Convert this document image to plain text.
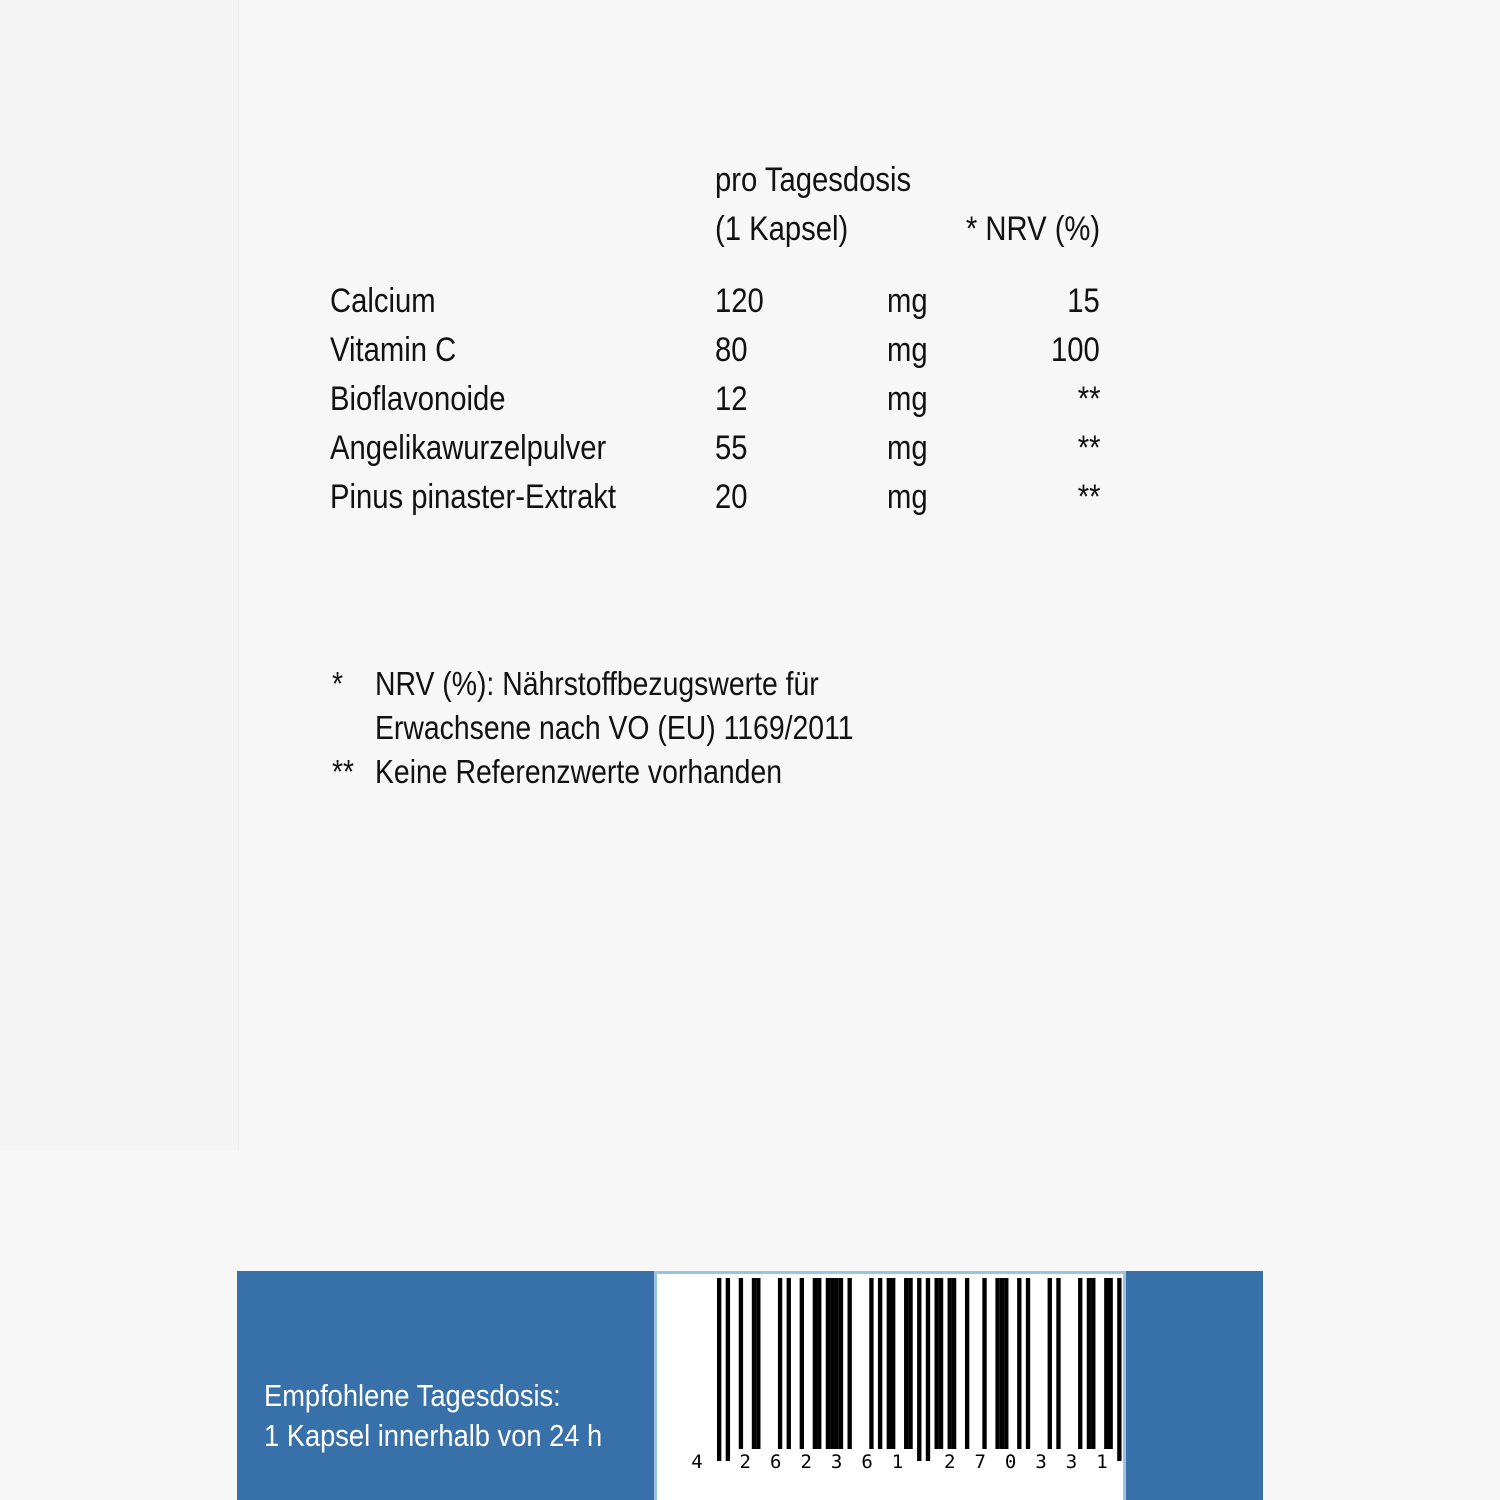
pro Tagesdosis
(1 Kapsel)	* NRV (%)
Calcium	120	mg	15
Vitamin C	80	mg	100
Bioflavonoide	12	mg	**
Angelikawurzelpulver	55	mg	**
Pinus pinaster-Extrakt	20	mg	**
* NRV (%): Nährstoffbezugswerte für
Erwachsene nach VO (EU) 1169/2011
** Keine Referenzwerte vorhanden
Empfohlene Tagesdosis:
1 Kapsel innerhalb von 24 h
4 2 6 2 3 6 1 2 7 0 3 3 1
